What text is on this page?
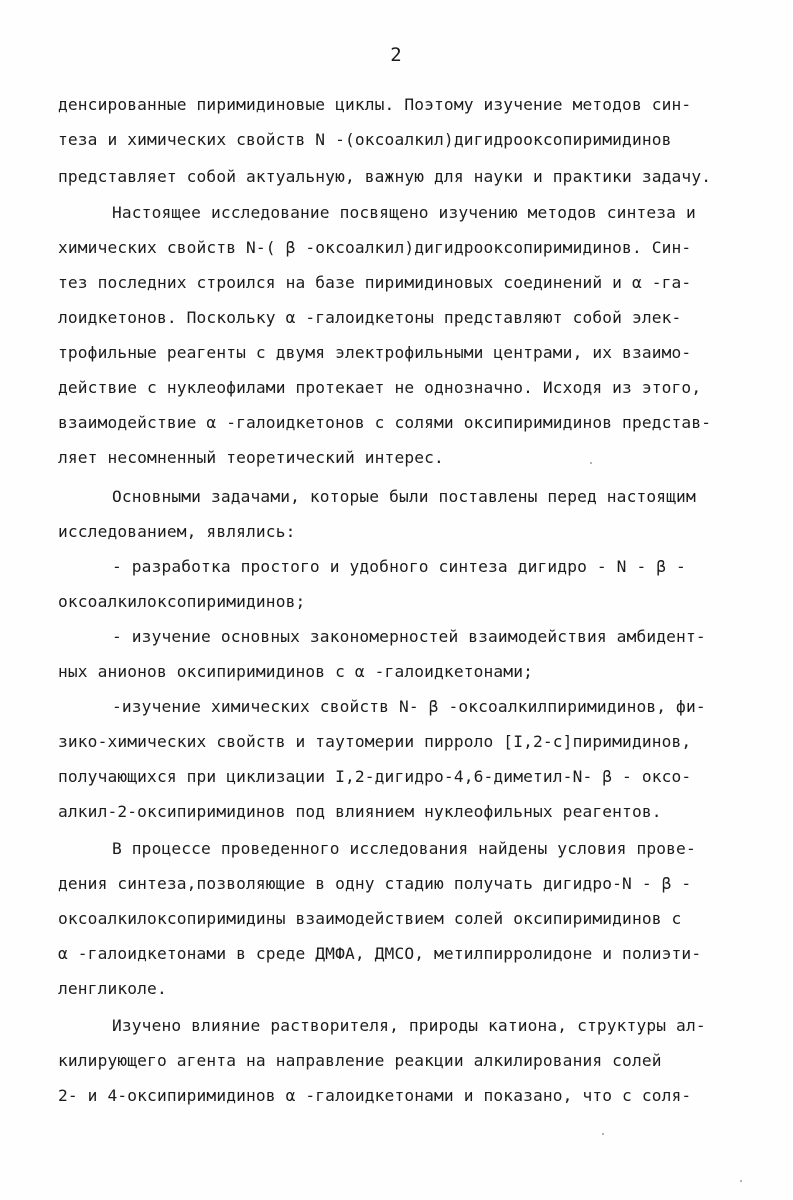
2
денсированные пиримидиновые циклы. Поэтому изучение методов син-
теза и химических свойств N -(оксоалкил)дигидрооксопиримидинов
представляет собой актуальную, важную для науки и практики задачу.
Настоящее исследование посвящено изучению методов синтеза и
химических свойств N-( β -оксоалкил)дигидрооксопиримидинов. Син-
тез последних строился на базе пиримидиновых соединений и α -га-
лоидкетонов. Поскольку α -галоидкетоны представляют собой элек-
трофильные реагенты с двумя электрофильными центрами, их взаимо-
действие с нуклеофилами протекает не однозначно. Исходя из этого,
взаимодействие α -галоидкетонов с солями оксипиримидинов представ-
ляет несомненный теоретический интерес.
Основными задачами, которые были поставлены перед настоящим
исследованием, являлись:
- разработка простого и удобного синтеза дигидро - N - β -
оксоалкилоксопиримидинов;
- изучение основных закономерностей взаимодействия амбидент-
ных анионов оксипиримидинов с α -галоидкетонами;
-изучение химических свойств N- β -оксоалкилпиримидинов, фи-
зико-химических свойств и таутомерии пирроло [I,2-с]пиримидинов,
получающихся при циклизации I,2-дигидро-4,6-диметил-N- β - оксо-
алкил-2-оксипиримидинов под влиянием нуклеофильных реагентов.
В процессе проведенного исследования найдены условия прове-
дения синтеза,позволяющие в одну стадию получать дигидро-N - β -
оксоалкилоксопиримидины взаимодействием солей оксипиримидинов с
α -галоидкетонами в среде ДМФА, ДМСО, метилпирролидоне и полиэти-
ленгликоле.
Изучено влияние растворителя, природы катиона, структуры ал-
килирующего агента на направление реакции алкилирования солей
2- и 4-оксипиримидинов α -галоидкетонами и показано, что с соля-
